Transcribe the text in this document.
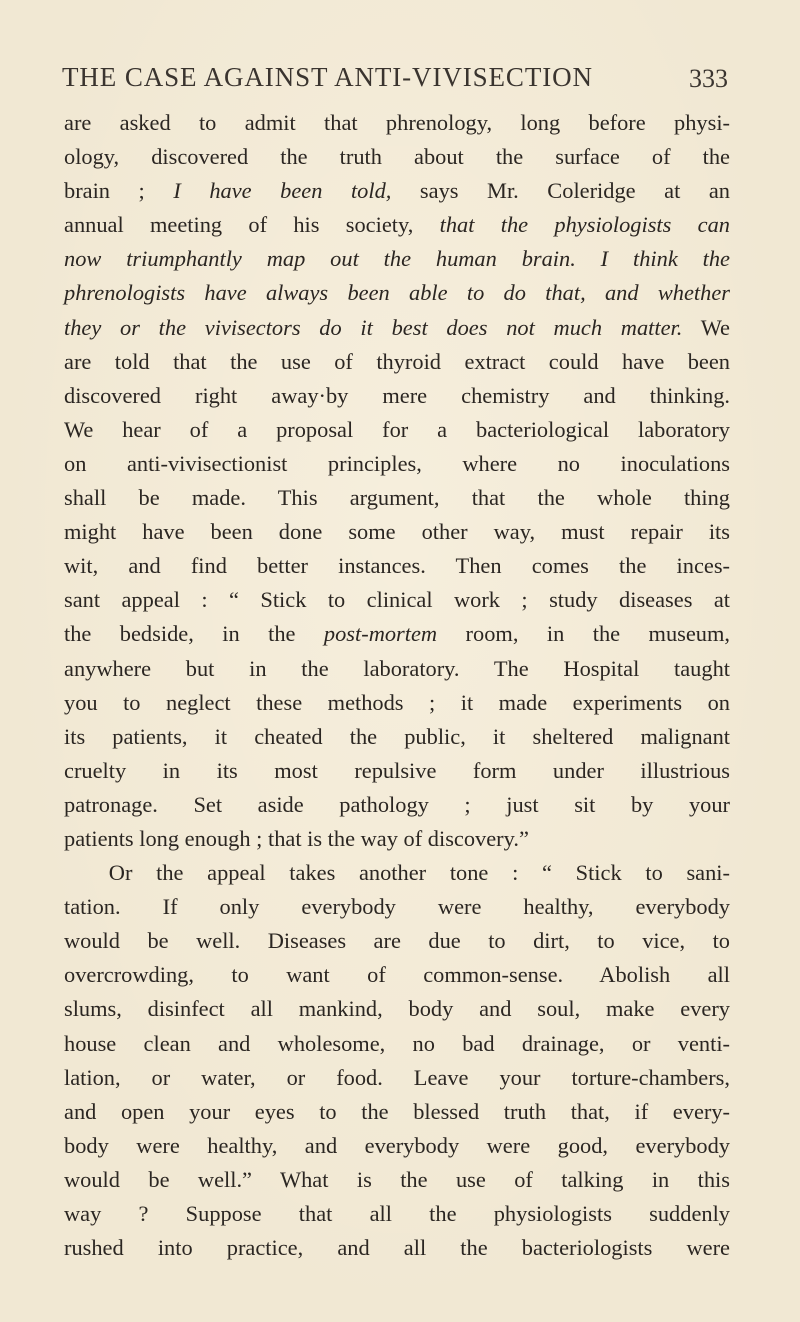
THE CASE AGAINST ANTI-VIVISECTION	333
are asked to admit that phrenology, long before physi-
ology, discovered the truth about the surface of the
brain ; I have been told, says Mr. Coleridge at an
annual meeting of his society, that the physiologists can
now triumphantly map out the human brain. I think the
phrenologists have always been able to do that, and whether
they or the vivisectors do it best does not much matter. We
are told that the use of thyroid extract could have been
discovered right away·by mere chemistry and thinking.
We hear of a proposal for a bacteriological laboratory
on anti-vivisectionist principles, where no inoculations
shall be made. This argument, that the whole thing
might have been done some other way, must repair its
wit, and find better instances. Then comes the inces-
sant appeal : “ Stick to clinical work ; study diseases at
the bedside, in the post-mortem room, in the museum,
anywhere but in the laboratory. The Hospital taught
you to neglect these methods ; it made experiments on
its patients, it cheated the public, it sheltered malignant
cruelty in its most repulsive form under illustrious
patronage. Set aside pathology ; just sit by your
patients long enough ; that is the way of discovery.”
  Or the appeal takes another tone : “ Stick to sani-
tation. If only everybody were healthy, everybody
would be well. Diseases are due to dirt, to vice, to
overcrowding, to want of common-sense. Abolish all
slums, disinfect all mankind, body and soul, make every
house clean and wholesome, no bad drainage, or venti-
lation, or water, or food. Leave your torture-chambers,
and open your eyes to the blessed truth that, if every-
body were healthy, and everybody were good, everybody
would be well.” What is the use of talking in this
way ? Suppose that all the physiologists suddenly
rushed into practice, and all the bacteriologists were
